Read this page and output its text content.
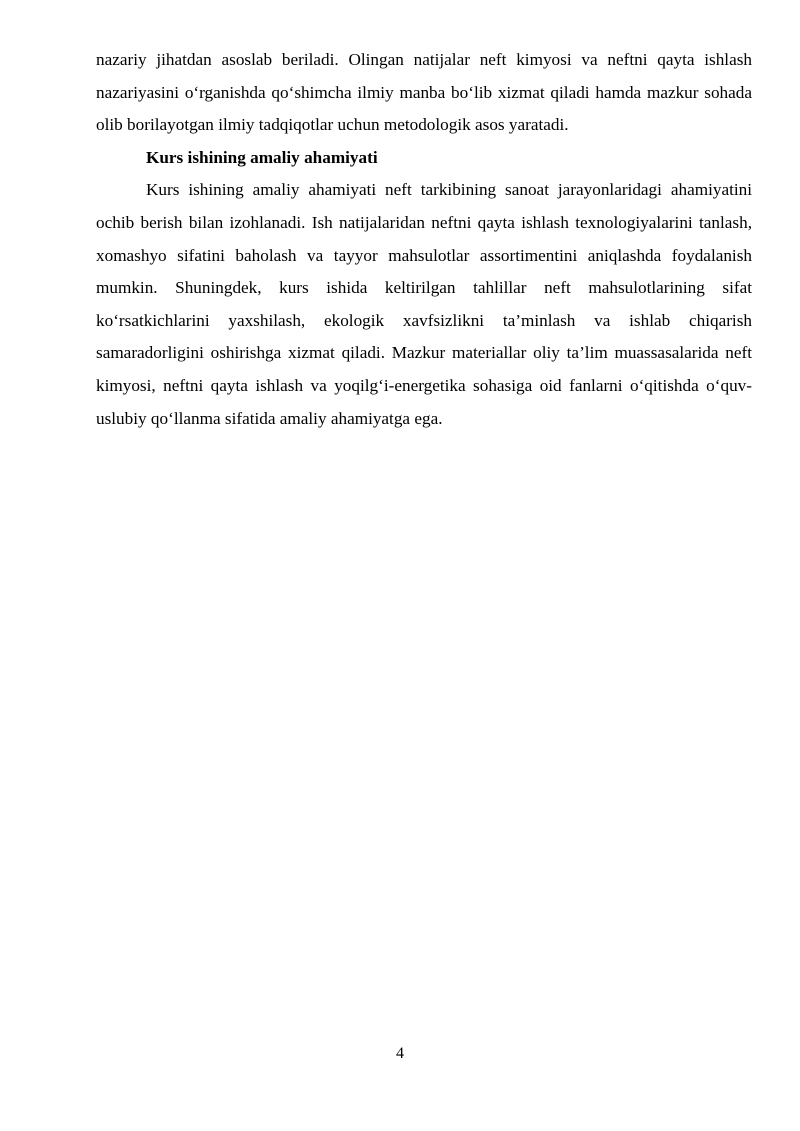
nazariy jihatdan asoslab beriladi. Olingan natijalar neft kimyosi va neftni qayta ishlash nazariyasini o‘rganishda qo‘shimcha ilmiy manba bo‘lib xizmat qiladi hamda mazkur sohada olib borilayotgan ilmiy tadqiqotlar uchun metodologik asos yaratadi.

Kurs ishining amaliy ahamiyati

Kurs ishining amaliy ahamiyati neft tarkibining sanoat jarayonlaridagi ahamiyatini ochib berish bilan izohlanadi. Ish natijalaridan neftni qayta ishlash texnologiyalarini tanlash, xomashyo sifatini baholash va tayyor mahsulotlar assortimentini aniqlashda foydalanish mumkin. Shuningdek, kurs ishida keltirilgan tahlillar neft mahsulotlarining sifat ko‘rsatkichlarini yaxshilash, ekologik xavfsizlikni ta’minlash va ishlab chiqarish samaradorligini oshirishga xizmat qiladi. Mazkur materiallar oliy ta’lim muassasalarida neft kimyosi, neftni qayta ishlash va yoqilg‘i-energetika sohasiga oid fanlarni o‘qitishda o‘quv-uslubiy qo‘llanma sifatida amaliy ahamiyatga ega.

4
